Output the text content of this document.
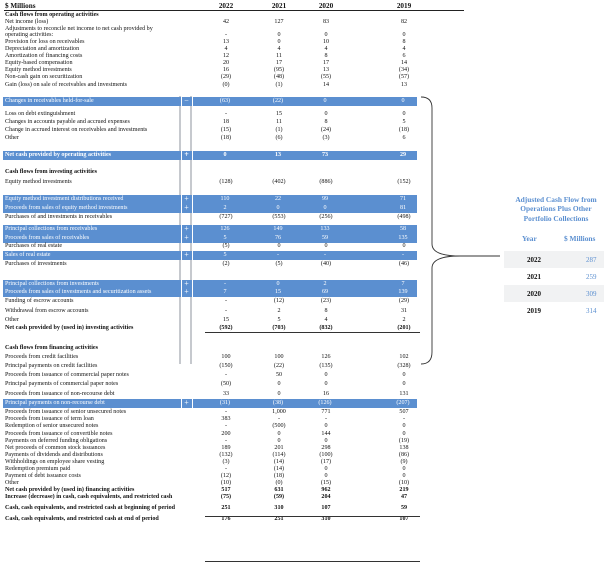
$ Millions	2022	2021	2020	2019
Cash flows from operating activities
Net income (loss)	42	127	83	82
Adjustments to reconcile net income to net cash provided by
operating activities:	-	0	0	0
Provision for loss on receivables	13	0	10	8
Depreciation and amortization	4	4	4	4
Amortization of financing costs	12	11	8	6
Equity-based compensation	20	17	17	14
Equity method investments	16	(95)	13	(34)
Non-cash gain on securitization	(29)	(48)	(55)	(57)
Gain (loss) on sale of receivables and investments	(0)	(1)	14	13
Changes in receivables held-for-sale	−	(63)	(22)	0	0
Loss on debt extinguishment	-	15	0	0
Changes in accounts payable and accrued expenses	18	11	8	5
Change in accrued interest on receivables and investments	(15)	(1)	(24)	(18)
Other	(18)	(6)	(3)	6
Net cash provided by operating activities	+	0	13	73	29
Cash flows from investing activities
Equity method investments	(128)	(402)	(886)	(152)
Equity method investment distributions received	+	110	22	99	71
Proceeds from sales of equity method investments	+	2	0	0	81
Purchases of and investments in receivables	(727)	(553)	(256)	(498)
Principal collections from receivables	+	126	149	133	58
Proceeds from sales of receivables	+	5	76	59	135
Purchases of real estate	(5)	0	0	0
Sales of real estate	+	5	-	-	-
Purchases of investments	(2)	(5)	(40)	(46)
Principal collections from investments	+	-	0	2	7
Proceeds from sales of investments and securitization assets	+	7	15	69	139
Funding of escrow accounts	-	(12)	(23)	(29)
Withdrawal from escrow accounts	-	2	8	31
Other	15	5	4	2
Net cash provided by (used in) investing activities	(592)	(703)	(832)	(201)
Cash flows from financing activities
Proceeds from credit facilities	100	100	126	102
Principal payments on credit facilities	(150)	(22)	(135)	(328)
Proceeds from issuance of commercial paper notes	-	50	0	0
Principal payments of commercial paper notes	(50)	0	0	0
Proceeds from issuance of non-recourse debt	33	0	16	131
Principal payments on non-recourse debt	+	(31)	(38)	(126)	(207)
Proceeds from issuance of senior unsecured notes	-	1,000	771	507
Proceeds from issuance of term loan	383	-	-	-
Redemption of senior unsecured notes	-	(500)	0	0
Proceeds from issuance of convertible notes	200	0	144	0
Payments on deferred funding obligations	-	0	0	(19)
Net proceeds of common stock issuances	189	201	298	138
Payments of dividends and distributions	(132)	(114)	(100)	(86)
Withholdings on employee share vesting	(3)	(14)	(17)	(9)
Redemption premium paid	-	(14)	0	0
Payment of debt issuance costs	(12)	(18)	0	0
Other	(10)	(0)	(15)	(10)
Net cash provided by (used in) financing activities	517	631	962	219
Increase (decrease) in cash, cash equivalents, and restricted cash	(75)	(59)	204	47
Cash, cash equivalents, and restricted cash at beginning of period	251	310	107	59
Cash, cash equivalents, and restricted cash at end of period	176	251	310	107
Adjusted Cash Flow from Operations Plus Other Portfolio Collections
Year	$ Millions
2022	287
2021	259
2020	309
2019	314
